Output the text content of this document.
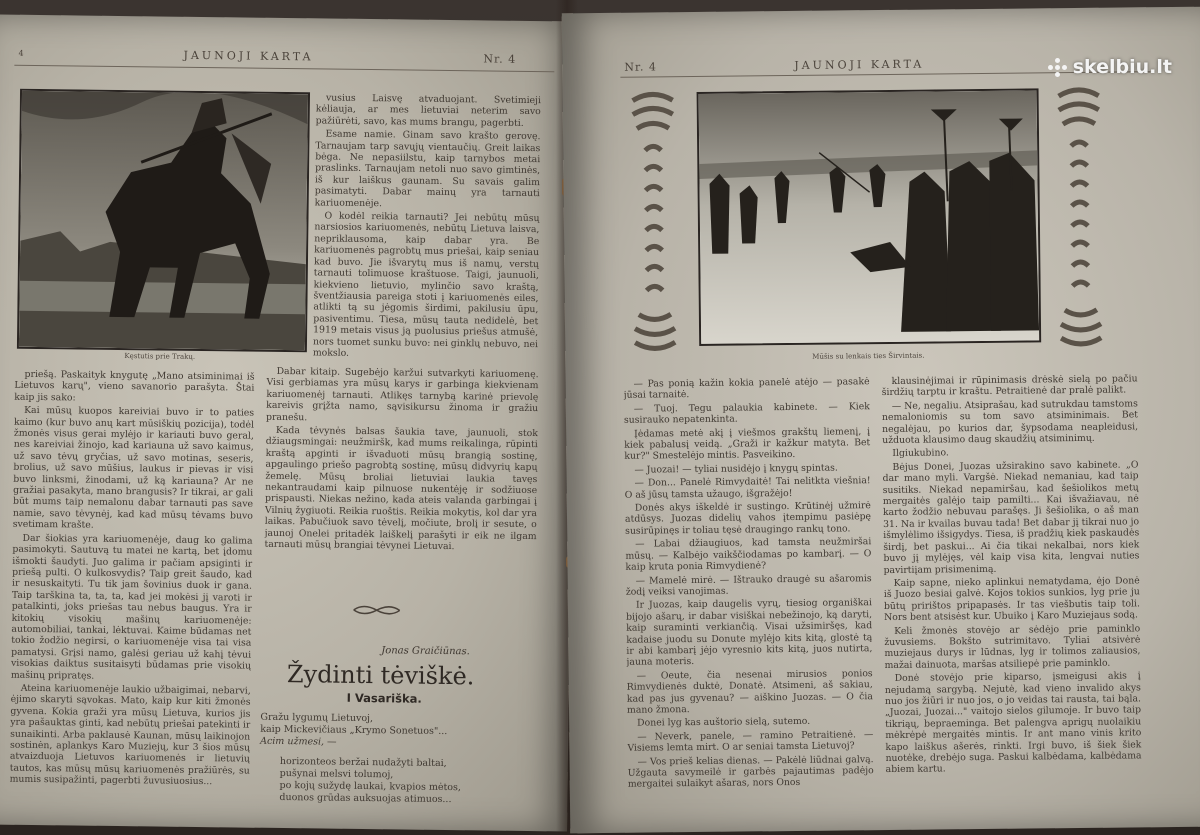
4	JAUNOJI KARTA	Nr. 4
Kęstutis prie Trakų.

vusius Laisvę atvaduojant. Svetimieji kėliauja, ar mes lietuviai neterim savo pažiūrėti, savo, kas mums brangu, pagerbti.

Esame namie. Ginam savo krašto gerovę. Tarnaujam tarp savųjų vientaučių. Greit laikas bėga. Ne nepasiilstu, kaip tarnybos metai praslinks. Tarnaujam netoli nuo savo gimtinės, iš kur laiškus gaunam. Su savais galim pasimatyti. Dabar mainų yra tarnauti kariuomenėje.

O kodėl reikia tarnauti? Jei nebūtų mūsų narsiosios kariuomenės, nebūtų Lietuva laisva, nepriklausoma, kaip dabar yra. Be kariuomenės pagrobtų mus priešai, kaip seniau kad buvo. Jie išvarytų mus iš namų, verstų tarnauti tolimuose kraštuose. Taigi, jaunuoli, kiekvieno lietuvio, mylinčio savo kraštą, šventžiausia pareiga stoti į kariuomenės eiles, atlikti tą su jėgomis širdimi, pakilusiu ūpu, pasiventimu. Tiesa, mūsų tauta nedidelė, bet 1919 metais visus ją puolusius priešus atmušė, nors tuomet sunku buvo: nei ginklų nebuvo, nei mokslo.

priešą. Paskaityk knygutę „Mano atsiminimai iš Lietuvos karų", vieno savanorio parašyta. Štai kaip jis sako:

Kai mūsų kuopos kareiviai buvo ir to paties kaimo (kur buvo anų kart mūsiškių pozicija), todėl žmonės visus gerai mylėjo ir kariauti buvo geral, nes kareiviai žinojo, kad kariauna už savo kaimus, už savo tėvų gryčias, už savo motinas, seseris, brolius, už savo mūšius, laukus ir pievas ir visi buvo linksmi, žinodami, už ką kariauna? Ar ne gražiai pasakyta, mano brangusis? Ir tikrai, ar gali būt mums taip nemalonu dabar tarnauti pas save namie, savo tėvynėj, kad kad mūsų tėvams buvo svetimam krašte.

Dar šiokias yra kariuomenėje, daug ko galima pasimokyti. Sautuvą tu matei ne kartą, bet įdomu išmokti šaudyti. Juo galima ir pačiam apsiginti ir priešą pulti. O kulkosvydis? Taip greit šaudo, kad ir nesuskaityti. Tu tik jam šovinius duok ir gana. Taip tarškina ta, ta, ta, kad jei mokėsi jį varoti ir patalkinti, joks priešas tau nebus baugus. Yra ir kitokių visokių mašinų kariuomenėje: automobiliai, tankai, lėktuvai. Kaime būdamas net tokio žodžio negirsi, o kariuomenėje visa tai visa pamatysi. Grįsi namo, galėsi geriau už kahį tėvui visokias daiktus susitaisyti būdamas prie visokių mašinų pripratęs.

Ateina kariuomenėje laukio užbaigimai, nebarvi, ėjimo skaryti sąvokas. Mato, kaip kur kiti žmonės gyvena. Kokia graži yra mūsų Lietuva, kurios jis yra pašauktas ginti, kad nebūtų priešai patekinti ir sunaikinti. Arba paklausė Kaunan, mūsų laikinojon sostinėn, aplankys Karo Muziejų, kur 3 šios mūsų atvaizduoja Lietuvos kariuomenės ir lietuvių tautos, kas mūsų mūsų kariuomenės pražiūrės, su mumis susipažinti, pagerbti žuvusiuosius...

Dabar kitaip. Sugebėjo karžui sutvarkyti kariuomenę. Visi gerbiamas yra mūsų karys ir garbinga kiekvienam kariuomenėj tarnauti. Atlikęs tarnybą karinė prievolę kareivis grįžta namo, sąvisikursu žinoma ir gražiu pranešu.

Kada tėvynės balsas šaukia tave, jaunuoli, stok džiaugsmingai: neužmiršk, kad mums reikalinga, rūpinti kraštą apginti ir išvaduoti mūsų brangią sostinę, apgaulingo priešo pagrobtą sostinę, mūsų didvyrių kapų žemelę. Mūsų broliai lietuviai laukia tavęs nekantraudami kaip pilnuose nukentėję ir sodžiuose prispausti. Niekas nežino, kada ateis valanda garbingai į Vilnių žygiuoti. Reikia ruoštis. Reikia mokytis, kol dar yra laikas. Pabučiuok savo tėvelį, močiute, brolį ir sesute, o jaunoj Onelei pritadėk laiškelį parašyti ir eik ne ilgam tarnauti mūsų brangiai tėvynei Lietuvai.

Jonas Graičiūnas.
Žydinti tėviškė.
I Vasariška.
Gražu lygumų Lietuvoj,
kaip Mickevičiaus „Krymo Sonetuos"...
Acim užmesi, —
horizonteos beržai nudažyti baltai,
pušynai melsvi tolumoj,
po kojų sužydę laukai, kvapios mėtos,
duonos grūdas auksuojas atimuos...
Nr. 4	JAUNOJI KARTA
Mūšis su lenkais ties Širvintais.

— Pas ponią kažin kokia panelė atėjo — pasakė jūsai tarnaitė.

— Tuoj. Tegu palaukia kabinete. — Kiek susirauko nepatenkinta.

Įėdamas metė akį į viešmos grakštų liemenį, į kiek pabalusį veidą. „Graži ir kažkur matyta. Bet kur?" Smestelėjo mintis. Pasveikino.

— Juozai! — tyliai nusidėjo į knygų spintas.

— Don... Panelė Rimvydaitė! Tai nelitkta viešnia! O aš jūsų tamsta užaugo, išgražėjo!

Donės akys iškeldė ir sustingo. Krūtinėj užmirė atdūsys. Juozas didelių vahos įtempimu pasiėpę susirūpinęs ir toliau tęsė draugingo rankų tono.

— Labai džiaugiuos, kad tamsta neužmiršai mūsų. — Kalbėjo vaikščiodamas po kambarį. — O kaip kruta ponia Rimvydienė?

— Mamelė mirė. — Ištrauko draugė su ašaromis žodį veiksi vanojimas.

Ir Juozas, kaip daugelis vyrų, tiesiog organiškai bijojo ašarų, ir dabar visiškai nebežinojo, ką daryti, kaip suraminti verkiančią. Visai užsimiršęs, kad kadaise juodu su Donute mylėjo kits kitą, glostė tą ir abi kambarį jėjo vyresnio kits kitą, juos nutirta, jauna moteris.

— Oeute, čia nesenai mirusios ponios Rimvydienės duktė, Donatė. Atsimeni, aš sakiau, kad pas jus gyvenau? — aiškino Juozas. — O čia mano žmona.

Donei lyg kas auštorio sielą, sutemo.

— Neverk, panele, — ramino Petraitienė. — Visiems lemta mirt. O ar seniai tamsta Lietuvoj?

— Vos prieš kelias dienas. — Pakėlė liūdnai galvą. Užgauta savymeilė ir garbės pajautimas padėjo mergaitei sulaikyt ašaras, nors Onos

klausinėjimai ir rūpinimasis drėskė sielą po pačiu širdžių tarptu ir kraštu. Petraitienė dar pralė palikt.

— Ne, negaliu. Atsiprašau, kad sutrukdau tamstoms nemaloniomis su tom savo atsiminimais. Bet negalėjau, po kurios dar, šypsodama neapleidusi, užduota klausimo daug skaudžių atsiminimų.

Ilgiukubino.

Bėjus Donei, Juozas užsirakino savo kabinete. „O dar mano myli. Vargšė. Niekad nemaniau, kad taip susitiks. Niekad nepamiršau, kad šešiolikos metų mergaitės galėjo taip pamilti... Kai išvažiavau, nė karto žodžio nebuvau parašęs. Ji šešiolika, o aš man 31. Na ir kvailas buvau tada! Bet dabar jį tikrai nuo jo išmylėlimo išsigydys. Tiesa, iš pradžių kiek paskaudės širdį, bet paskui... Ai čia tikai nekalbai, nors kiek buvo jį mylėjęs, vėl kaip visa kita, lengvai nuties pavirtiįam prisimenimą.

Kaip sapne, nieko aplinkui nematydama, ėjo Donė iš Juozo besiai galvė. Kojos tokios sunkios, lyg prie ju būtų pririštos pripapasės. Ir tas viešbutis taip toli. Nors bent atsisėst kur. Ubuiko į Karo Muziejaus sodą.

Keli žmonės stovėjo ar sėdėjo prie paminklo žuvusiems. Bokšto sutrimitavo. Tyliai atsivėrė muziejaus durys ir lūdnas, lyg ir tolimos zaliausios, mažai dainuota, maršas atsiliepė prie paminklo.

Donė stovėjo prie kiparso, įsmeigusi akis į nejudamą sargybą. Nejutė, kad vieno invalido akys nuo jos žiūri ir nuo jos, o jo veidas tai rausta, tai bąla. „Juozai, Juozai..." vaitojo sielos gilumoje. Ir buvo taip tikriąų, bepraeminga. Bet palengva aprigų nuolaikiu mėkrėpė mergaitės mintis. Ir ant mano vinis krito kapo laiškus ašerės, rinkti. Irgi buvo, iš šiek šiek nuotėke, drebėjo suga. Paskui kalbėdama, kalbėdama abiem kartu.

skelbiu.lt
